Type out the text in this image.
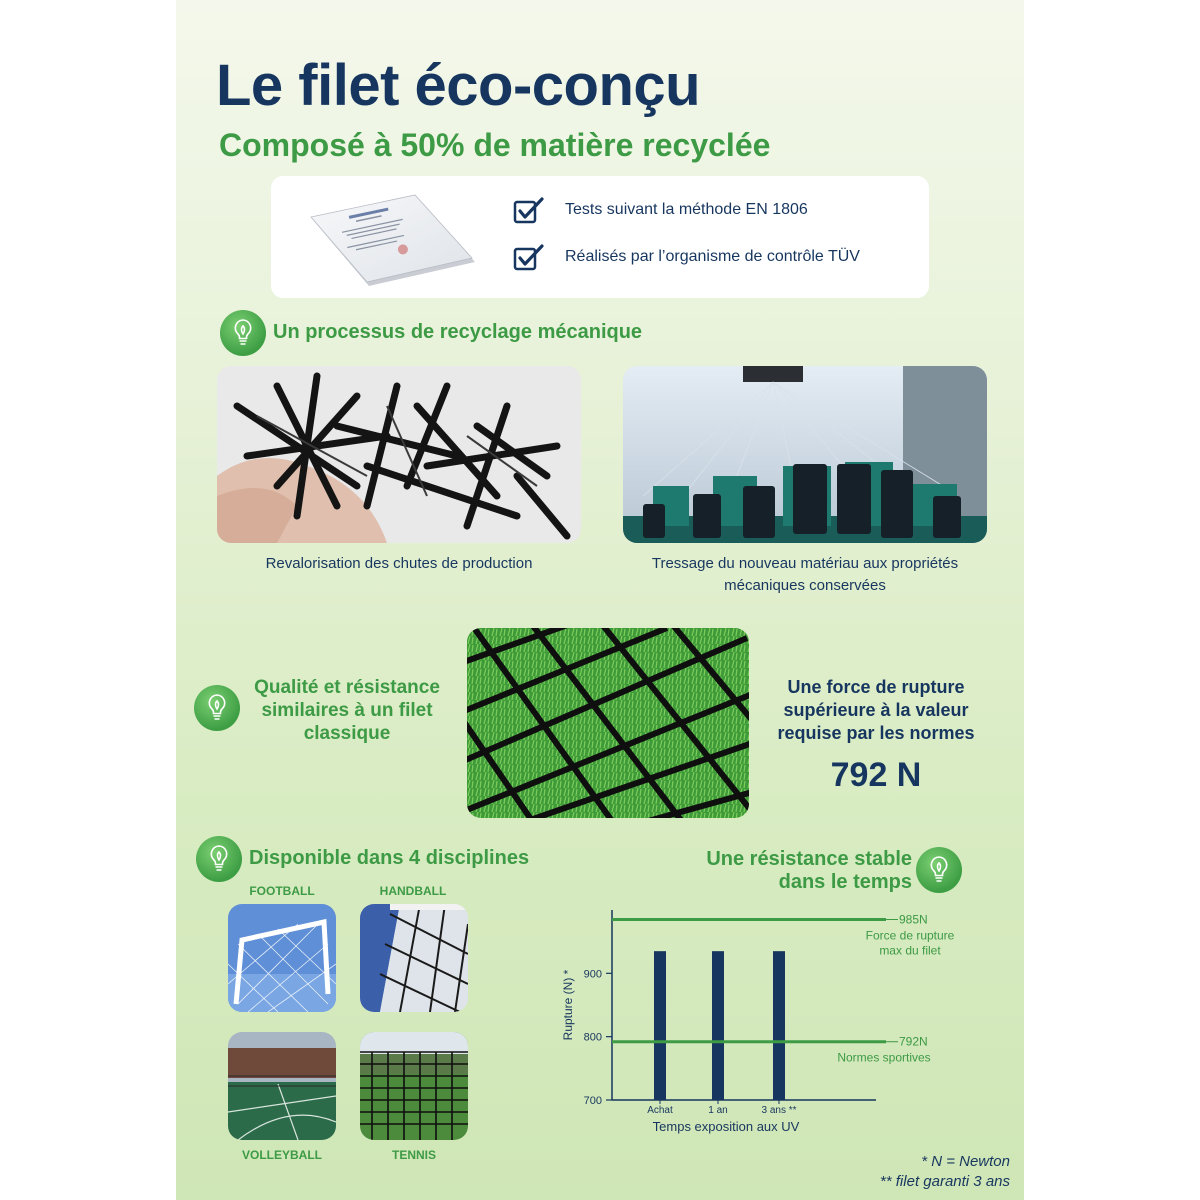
Le filet éco-conçu
Composé à 50% de matière recyclée
Tests suivant la méthode EN 1806
Réalisés par l’organisme de contrôle TÜV
Un processus de recyclage mécanique
Revalorisation des chutes de production	Tressage du nouveau matériau aux propriétés mécaniques conservées
Qualité et résistance similaires à un filet classique
Une force de rupture supérieure à la valeur requise par les normes
792 N
Disponible dans 4 disciplines
FOOTBALL	HANDBALL
VOLLEYBALL	TENNIS
Une résistance stable
dans le temps
700
800
900
Achat	1 an	3 ans **
985N
Force de rupture
max du filet
792N
Normes sportives
Rupture (N) *
Temps exposition aux UV
* N = Newton
** filet garanti 3 ans
